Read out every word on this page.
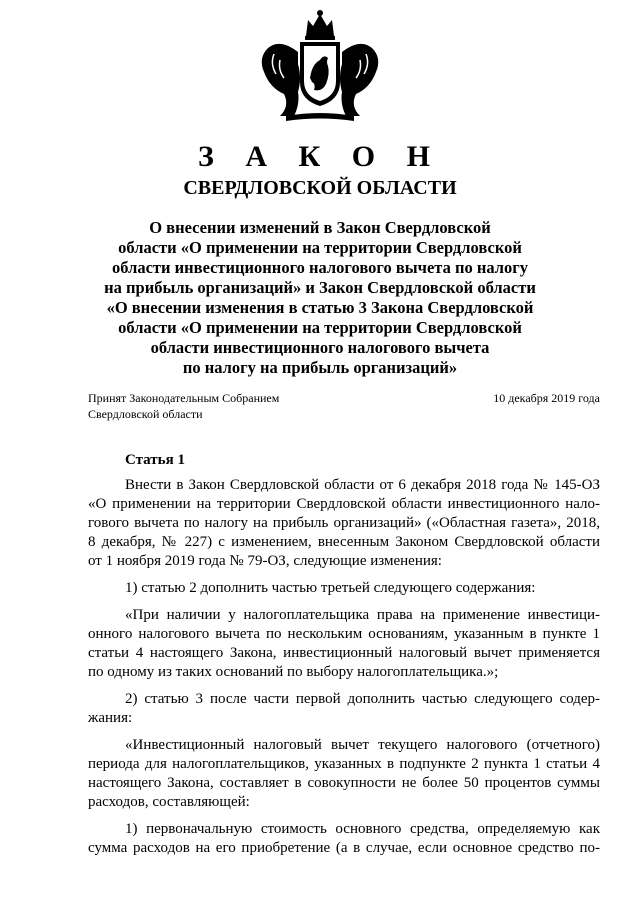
З А К О Н
СВЕРДЛОВСКОЙ ОБЛАСТИ
О внесении изменений в Закон Свердловской
области «О применении на территории Свердловской
области инвестиционного налогового вычета по налогу
на прибыль организаций» и Закон Свердловской области
«О внесении изменения в статью 3 Закона Свердловской
области «О применении на территории Свердловской
области инвестиционного налогового вычета
по налогу на прибыль организаций»
Принят Законодательным Собранием
Свердловской области
10 декабря 2019 года
Статья 1
Внести в Закон Свердловской области от 6 декабря 2018 года № 145-ОЗ
«О применении на территории Свердловской области инвестиционного нало-
гового вычета по налогу на прибыль организаций» («Областная газета», 2018,
8 декабря, № 227) с изменением, внесенным Законом Свердловской области
от 1 ноября 2019 года № 79-ОЗ, следующие изменения:
1) статью 2 дополнить частью третьей следующего содержания:
«При наличии у налогоплательщика права на применение инвестици-
онного налогового вычета по нескольким основаниям, указанным в пункте 1
статьи 4 настоящего Закона, инвестиционный налоговый вычет применяется
по одному из таких оснований по выбору налогоплательщика.»;
2) статью 3 после части первой дополнить частью следующего содер-
жания:
«Инвестиционный налоговый вычет текущего налогового (отчетного)
периода для налогоплательщиков, указанных в подпункте 2 пункта 1 статьи 4
настоящего Закона, составляет в совокупности не более 50 процентов суммы
расходов, составляющей:
1) первоначальную стоимость основного средства, определяемую как
сумма расходов на его приобретение (а в случае, если основное средство по-
